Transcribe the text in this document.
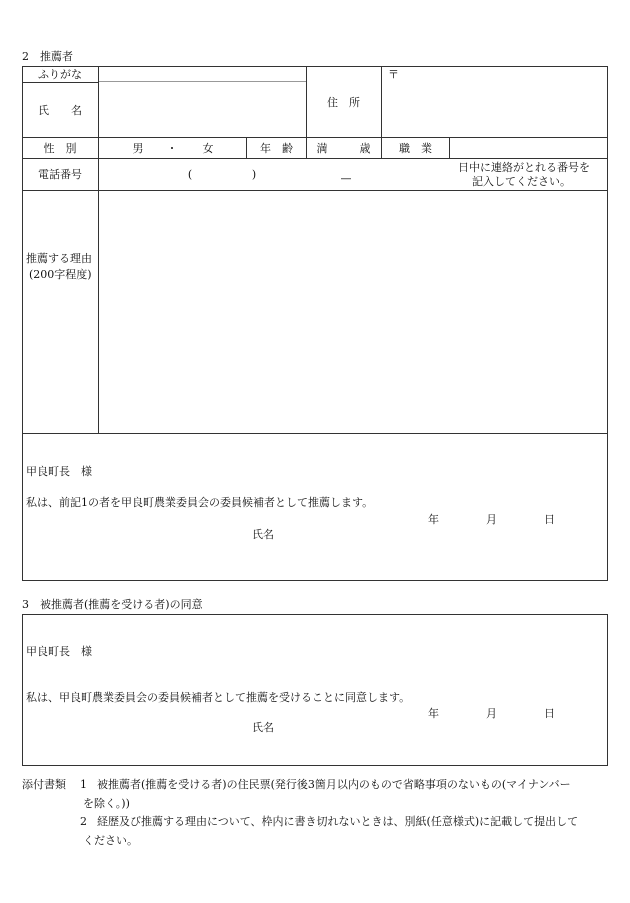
2　推薦者
ふりがな
氏　　名
住　所
〒
性　別	男	・	女	年　齢	満	歳	職　業
電話番号	(	)	—
日中に連絡がとれる番号を
記入してください。
推薦する理由
(200字程度)
甲良町長　様
私は、前記1の者を甲良町農業委員会の委員候補者として推薦します。
年	月	日
氏名
3　被推薦者(推薦を受ける者)の同意
甲良町長　様
私は、甲良町農業委員会の委員候補者として推薦を受けることに同意します。
年	月	日
氏名
添付書類 1 被推薦者(推薦を受ける者)の住民票(発行後3箇月以内のもので省略事項のないもの(マイナンバー
を除く。))
2 経歴及び推薦する理由について、枠内に書き切れないときは、別紙(任意様式)に記載して提出して
ください。
